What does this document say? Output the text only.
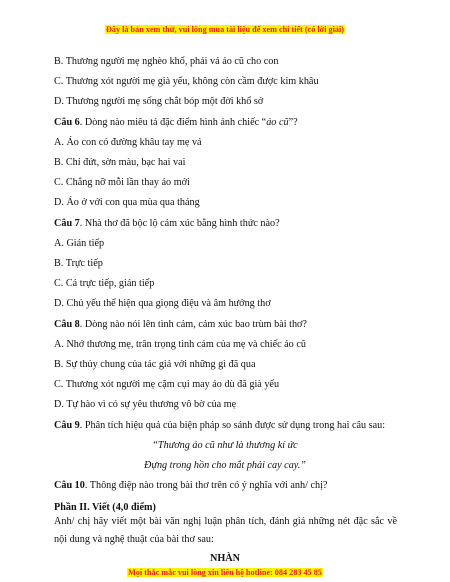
Đây là bản xem thử, vui lòng mua tài liệu để xem chi tiết (có lời giải)
B. Thương người mẹ nghèo khổ, phải vá áo cũ cho con
C. Thương xót người mẹ già yếu, không còn cầm được kim khâu
D. Thương người mẹ sống chắt bóp một đời khổ sở
Câu 6. Dòng nào miêu tả đặc điểm hình ảnh chiếc “áo cũ”?
A. Áo con có đường khâu tay mẹ vá
B. Chỉ đứt, sờn màu, bạc hai vai
C. Chẳng nỡ mỗi lần thay áo mới
D. Áo ở với con qua mùa qua tháng
Câu 7. Nhà thơ đã bộc lộ cảm xúc bằng hình thức nào?
A. Gián tiếp
B. Trực tiếp
C. Cả trực tiếp, gián tiếp
D. Chủ yếu thể hiện qua giọng điệu và âm hưởng thơ
Câu 8. Dòng nào nói lên tình cảm, cảm xúc bao trùm bài thơ?
A. Nhớ thương mẹ, trân trọng tình cảm của mẹ và chiếc áo cũ
B. Sự thủy chung của tác giả với những gì đã qua
C. Thương xót người mẹ cặm cụi may áo dù đã già yếu
D. Tự hào vì có sự yêu thương vô bờ của mẹ
Câu 9. Phân tích hiệu quả của biện pháp so sánh được sử dụng trong hai câu sau:
“Thương áo cũ như là thương kí ức
Đựng trong hồn cho mắt phải cay cay.”
Câu 10. Thông điệp nào trong bài thơ trên có ý nghĩa với anh/ chị?
Phần II. Viết (4,0 điểm)
Anh/ chị hãy viết một bài văn nghị luận phân tích, đánh giá những nét đặc sắc về nội dung và nghệ thuật của bài thơ sau:
NHÀN
Mọi thắc mắc vui lòng xin liên hệ hotline: 084 283 45 85
